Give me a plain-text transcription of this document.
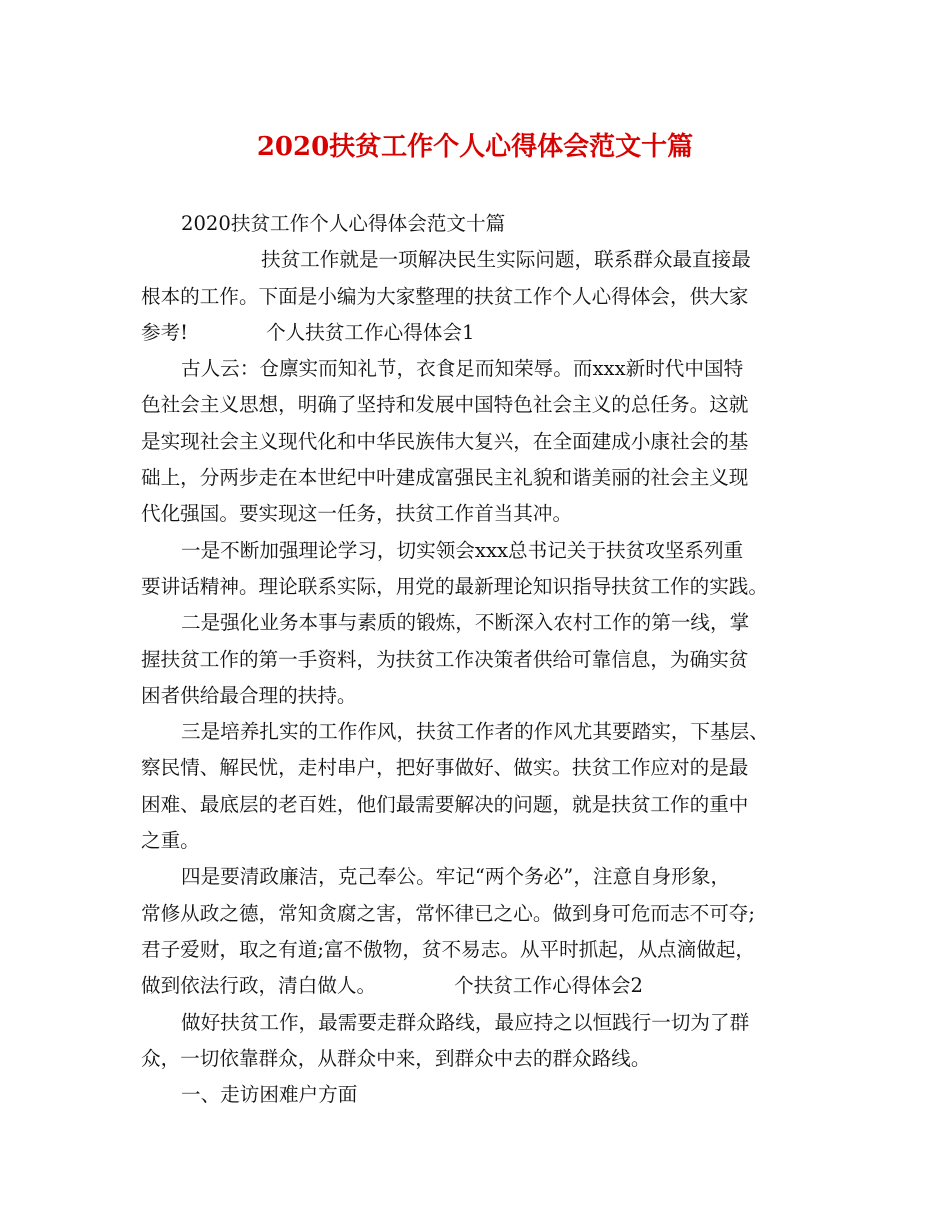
2020扶贫工作个人心得体会范文十篇
2020扶贫工作个人心得体会范文十篇
扶贫工作就是一项解决民生实际问题，联系群众最直接最
根本的工作。下面是小编为大家整理的扶贫工作个人心得体会，供大家
参考!	个人扶贫工作心得体会1
古人云：仓廪实而知礼节，衣食足而知荣辱。而xxx新时代中国特
色社会主义思想，明确了坚持和发展中国特色社会主义的总任务。这就
是实现社会主义现代化和中华民族伟大复兴，在全面建成小康社会的基
础上，分两步走在本世纪中叶建成富强民主礼貌和谐美丽的社会主义现
代化强国。要实现这一任务，扶贫工作首当其冲。
一是不断加强理论学习，切实领会xxx总书记关于扶贫攻坚系列重
要讲话精神。理论联系实际，用党的最新理论知识指导扶贫工作的实践。
二是强化业务本事与素质的锻炼，不断深入农村工作的第一线，掌
握扶贫工作的第一手资料，为扶贫工作决策者供给可靠信息，为确实贫
困者供给最合理的扶持。
三是培养扎实的工作作风，扶贫工作者的作风尤其要踏实，下基层、
察民情、解民忧，走村串户，把好事做好、做实。扶贫工作应对的是最
困难、最底层的老百姓，他们最需要解决的问题，就是扶贫工作的重中
之重。
四是要清政廉洁，克己奉公。牢记“两个务必”，注意自身形象，
常修从政之德，常知贪腐之害，常怀律已之心。做到身可危而志不可夺;
君子爱财，取之有道;富不傲物，贫不易志。从平时抓起，从点滴做起，
做到依法行政，清白做人。	个扶贫工作心得体会2
做好扶贫工作，最需要走群众路线，最应持之以恒践行一切为了群
众，一切依靠群众，从群众中来，到群众中去的群众路线。
一、走访困难户方面
